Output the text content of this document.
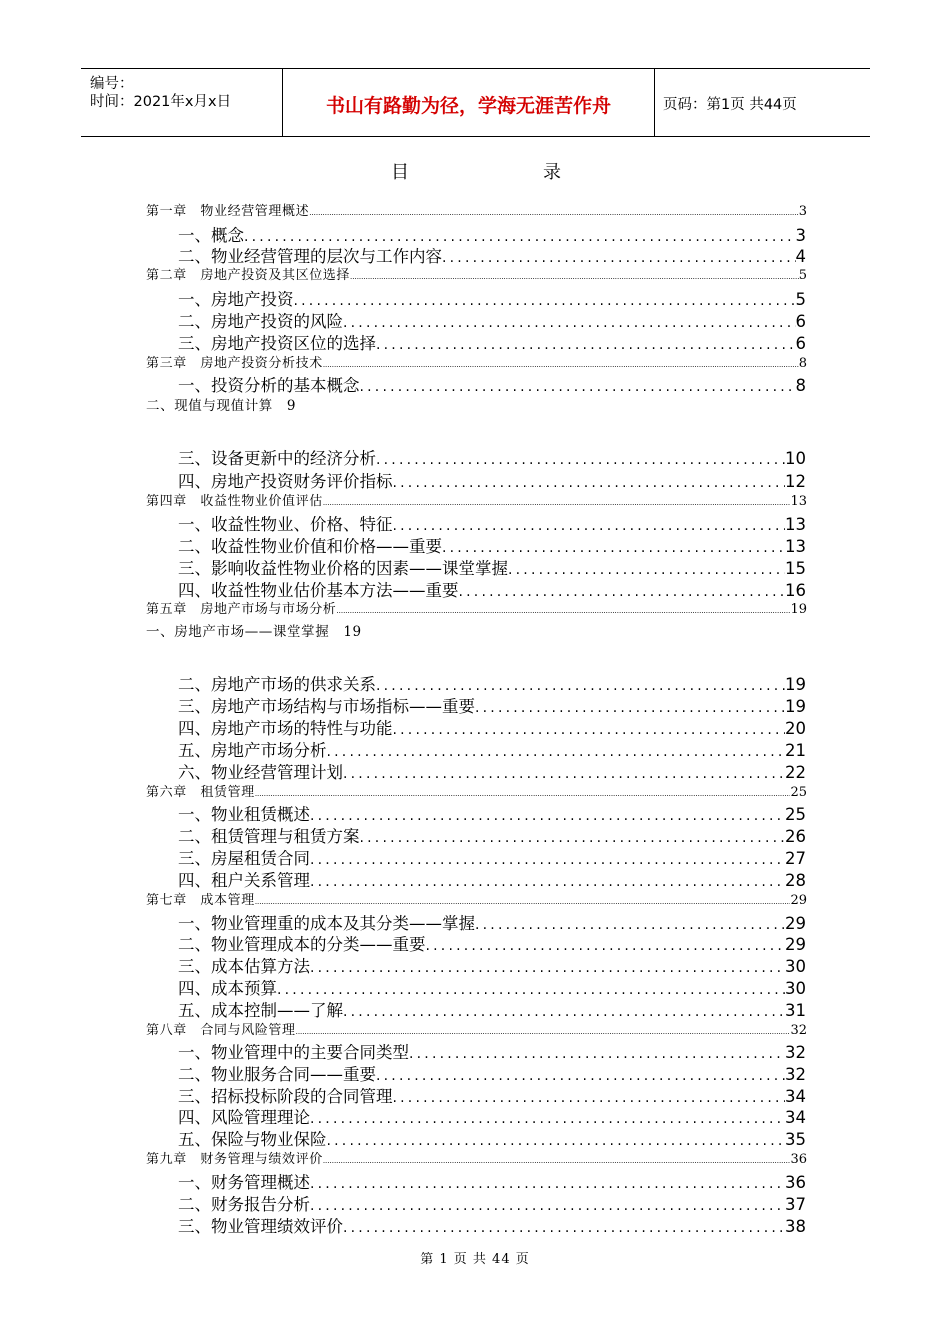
编号：
时间：2021年x月x日	书山有路勤为径，学海无涯苦作舟	页码：第1页 共44页
目	录
第一章　物业经营管理概述 .....	3
一、概念 .....	3
二、物业经营管理的层次与工作内容 .....	4
第二章　房地产投资及其区位选择 .....	5
一、房地产投资 .....	5
二、房地产投资的风险 .....	6
三、房地产投资区位的选择 .....	6
第三章　房地产投资分析技术 .....	8
一、投资分析的基本概念 .....	8
二、现值与现值计算 9
三、设备更新中的经济分析 .....	10
四、房地产投资财务评价指标 .....	12
第四章　收益性物业价值评估 .....	13
一、收益性物业、价格、特征 .....	13
二、收益性物业价值和价格——重要 .....	13
三、影响收益性物业价格的因素——课堂掌握 .....	15
四、收益性物业估价基本方法——重要 .....	16
第五章　房地产市场与市场分析 .....	19
一、房地产市场——课堂掌握 19
二、房地产市场的供求关系 .....	19
三、房地产市场结构与市场指标——重要 .....	19
四、房地产市场的特性与功能 .....	20
五、房地产市场分析 .....	21
六、物业经营管理计划 .....	22
第六章　租赁管理 .....	25
一、物业租赁概述 .....	25
二、租赁管理与租赁方案 .....	26
三、房屋租赁合同 .....	27
四、租户关系管理 .....	28
第七章　成本管理 .....	29
一、物业管理重的成本及其分类——掌握 .....	29
二、物业管理成本的分类——重要 .....	29
三、成本估算方法 .....	30
四、成本预算 .....	30
五、成本控制——了解 .....	31
第八章　合同与风险管理 .....	32
一、物业管理中的主要合同类型 .....	32
二、物业服务合同——重要 .....	32
三、招标投标阶段的合同管理 .....	34
四、风险管理理论 .....	34
五、保险与物业保险 .....	35
第九章　财务管理与绩效评价 .....	36
一、财务管理概述 .....	36
二、财务报告分析 .....	37
三、物业管理绩效评价 .....	38
第 1 页 共 44 页
